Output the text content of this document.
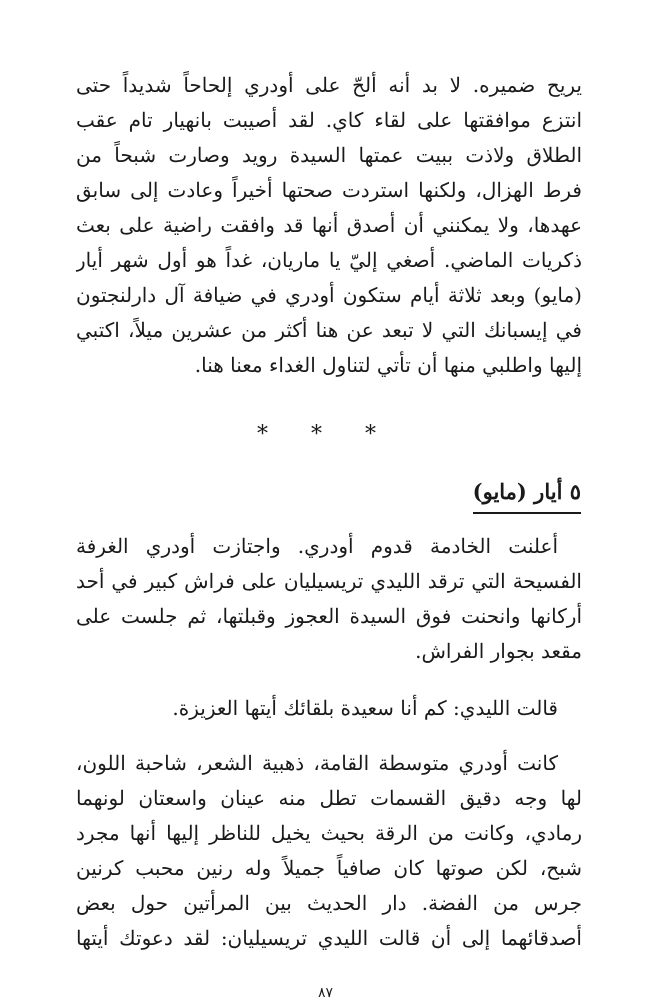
يريح ضميره. لا بد أنه ألحّ على أودري إلحاحاً شديداً حتى
انتزع موافقتها على لقاء كاي. لقد أصيبت بانهيار تام عقب
الطلاق ولاذت ببيت عمتها السيدة رويد وصارت شبحاً من
فرط الهزال، ولكنها استردت صحتها أخيراً وعادت إلى سابق
عهدها، ولا يمكنني أن أصدق أنها قد وافقت راضية على بعث
ذكريات الماضي. أصغي إليّ يا ماريان، غداً هو أول شهر أيار
(مايو) وبعد ثلاثة أيام ستكون أودري في ضيافة آل دارلنجتون
في إيسبانك التي لا تبعد عن هنا أكثر من عشرين ميلاً، اكتبي
إليها واطلبي منها أن تأتي لتناول الغداء معنا هنا.
* * *
٥ أيار (مايو)
أعلنت الخادمة قدوم أودري. واجتازت أودري الغرفة
الفسيحة التي ترقد الليدي تريسيليان على فراش كبير في أحد
أركانها وانحنت فوق السيدة العجوز وقبلتها، ثم جلست على
مقعد بجوار الفراش.
قالت الليدي: كم أنا سعيدة بلقائك أيتها العزيزة.
كانت أودري متوسطة القامة، ذهبية الشعر، شاحبة اللون،
لها وجه دقيق القسمات تطل منه عينان واسعتان لونهما
رمادي، وكانت من الرقة بحيث يخيل للناظر إليها أنها مجرد
شبح، لكن صوتها كان صافياً جميلاً وله رنين محبب كرنين
جرس من الفضة. دار الحديث بين المرأتين حول بعض
أصدقائهما إلى أن قالت الليدي تريسيليان: لقد دعوتك أيتها
٨٧
